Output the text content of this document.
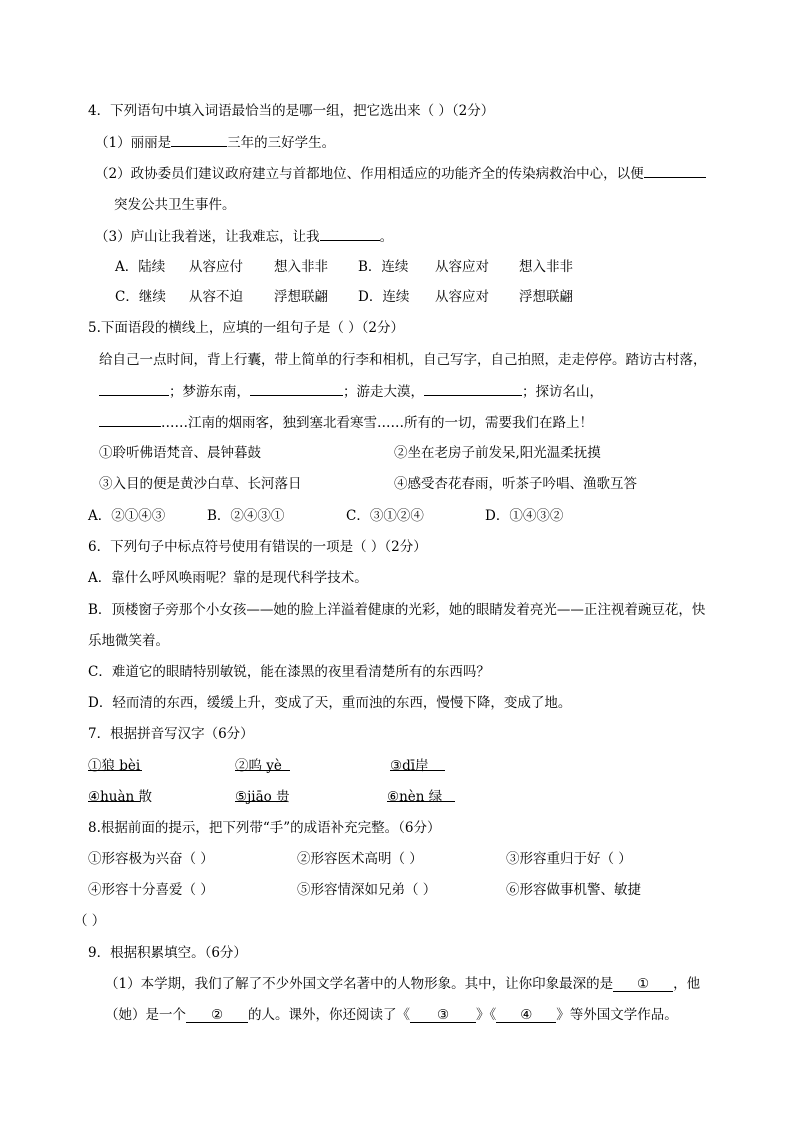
4．下列语句中填入词语最恰当的是哪一组，把它选出来（ ）（2分）
（1）丽丽是	三年的三好学生。
（2）政协委员们建议政府建立与首都地位、作用相适应的功能齐全的传染病救治中心，以便
突发公共卫生事件。
（3）庐山让我着迷，让我难忘，让我	。
A．陆续 从容应付 想入非非 B．连续 从容应对 想入非非
C．继续 从容不迫 浮想联翩 D．连续 从容应对 浮想联翩
5.下面语段的横线上，应填的一组句子是（ ）（2分）
给自己一点时间，背上行囊，带上简单的行李和相机，自己写字，自己拍照，走走停停。踏访古村落，
；梦游东南，	；游走大漠，	；探访名山，
……江南的烟雨客，独到塞北看寒雪……所有的一切，需要我们在路上！
①聆听佛语梵音、晨钟暮鼓	②坐在老房子前发呆,阳光温柔抚摸
③入目的便是黄沙白草、长河落日	④感受杏花春雨，听茶子吟唱、渔歌互答
A．②①④③	B．②④③①	C．③①②④	D．①④③②
6．下列句子中标点符号使用有错误的一项是（ ）（2分）
A．靠什么呼风唤雨呢？靠的是现代科学技术。
B．顶楼窗子旁那个小女孩——她的脸上洋溢着健康的光彩，她的眼睛发着亮光——正注视着豌豆花，快
乐地微笑着。
C．难道它的眼睛特别敏锐，能在漆黑的夜里看清楚所有的东西吗？
D．轻而清的东西，缓缓上升，变成了天，重而浊的东西，慢慢下降，变成了地。
7．根据拼音写汉字（6分）
①狼 bèi	②呜 yè	③dī岸
④huàn 散	⑤jiāo 贵	⑥nèn 绿
8.根据前面的提示，把下列带“手”的成语补充完整。（6分）
①形容极为兴奋（ ）	②形容医术高明（ ）	③形容重归于好（ ）
④形容十分喜爱（ ）	⑤形容情深如兄弟（ ）	⑥形容做事机警、敏捷
（ ）
9．根据积累填空。（6分）
（1）本学期，我们了解了不少外国文学名著中的人物形象。其中，让你印象最深的是 ① ，他
（她）是一个 ② 的人。课外，你还阅读了《 ③ 》《 ④ 》等外国文学作品。
